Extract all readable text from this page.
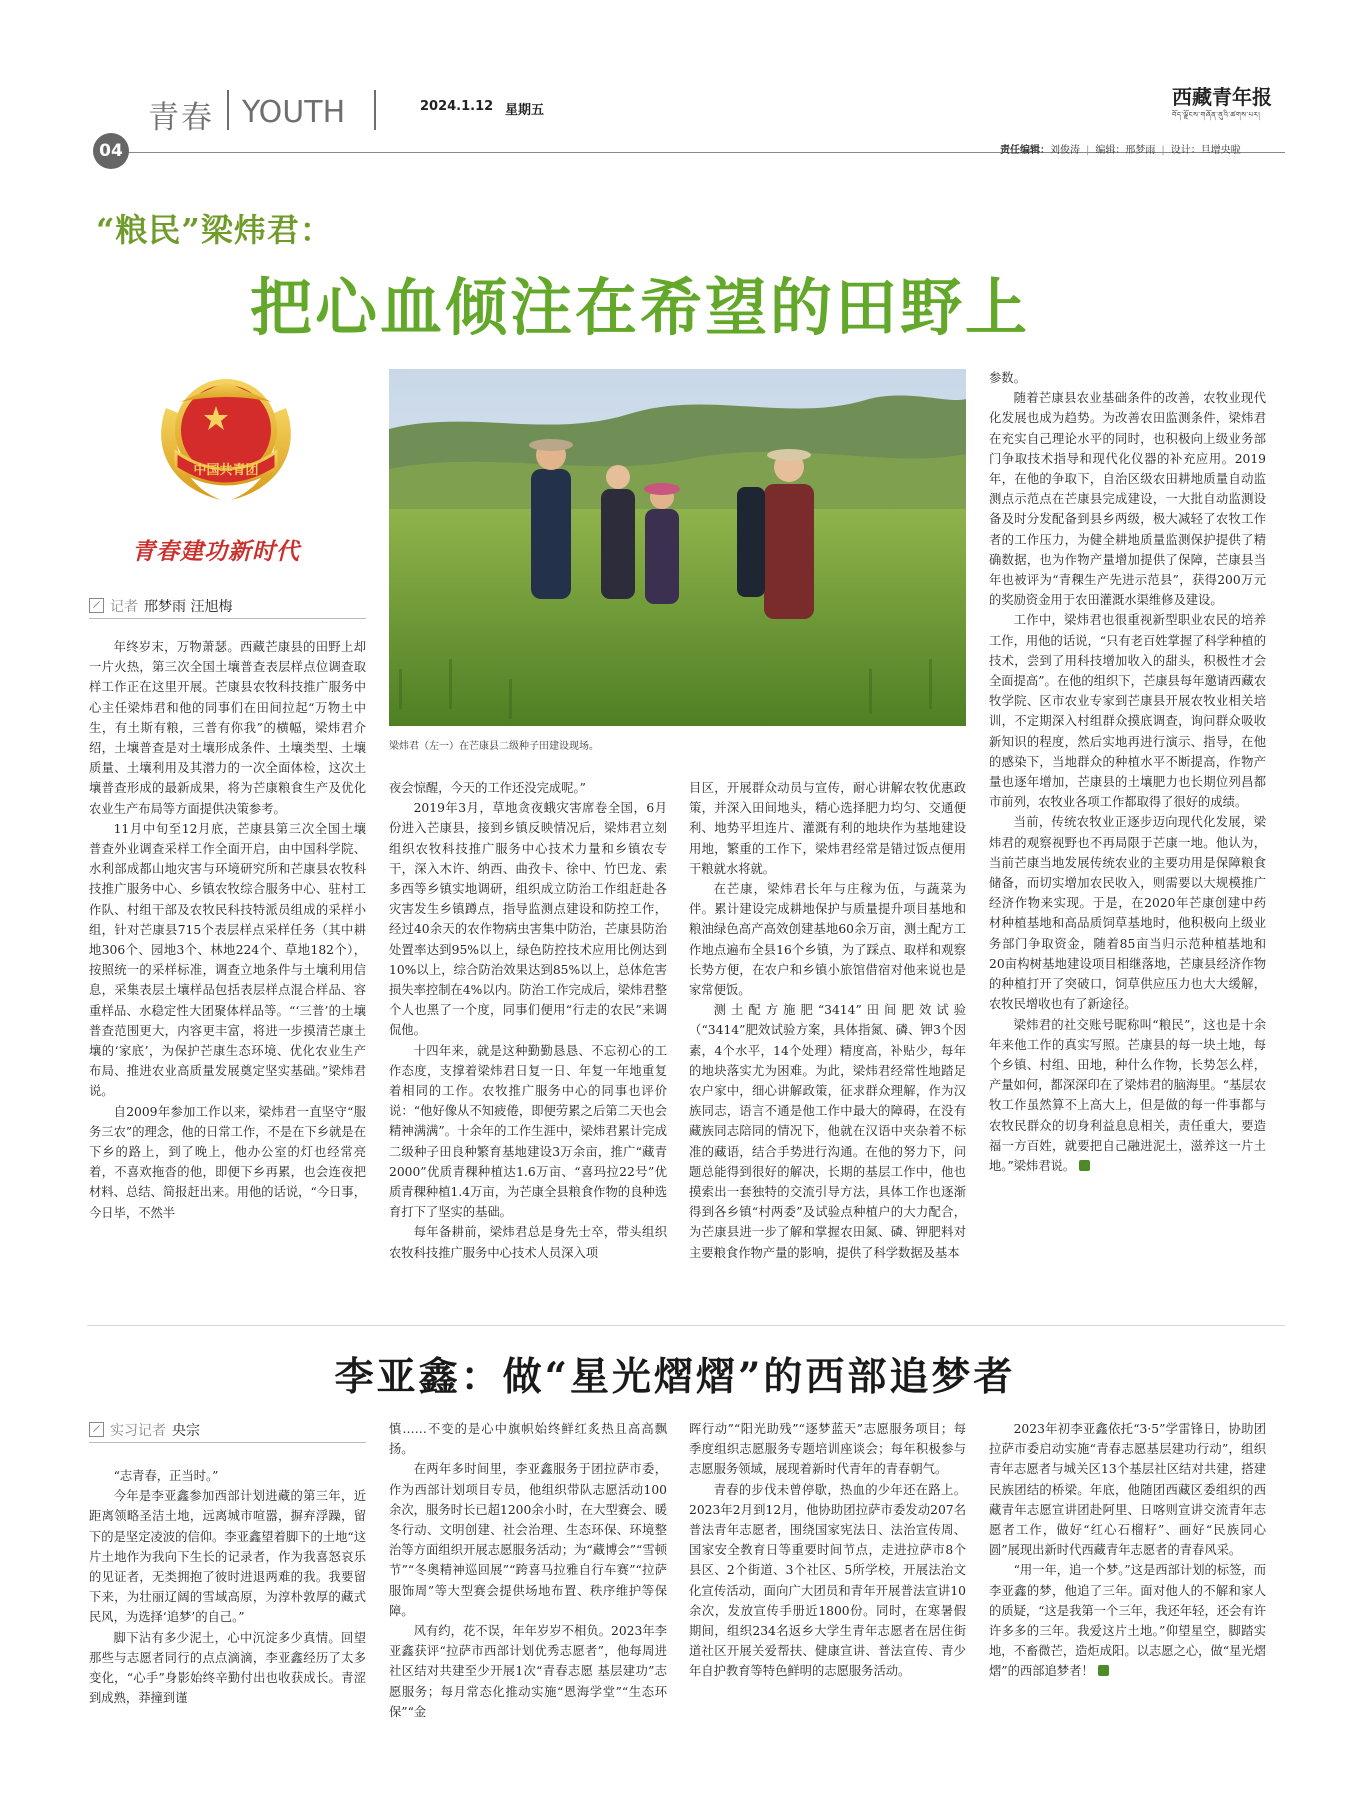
青春 YOUTH
04
2024.1.12 星期五
西藏青年报
བོད་ལྗོངས་གཞོན་ནུའི་ཚགས་པར།
责任编辑：刘俊涛 | 编辑：邢梦雨 | 设计：旦增央啦
“粮民”梁炜君：
把心血倾注在希望的田野上
中国共青团
青春建功新时代
记者 邢梦雨 汪旭梅
梁炜君（左一）在芒康县二级种子田建设现场。

年终岁末，万物萧瑟。西藏芒康县的田野上却一片火热，第三次全国土壤普查表层样点位调查取样工作正在这里开展。芒康县农牧科技推广服务中心主任梁炜君和他的同事们在田间拉起“万物土中生，有土斯有粮，三普有你我”的横幅，梁炜君介绍，土壤普查是对土壤形成条件、土壤类型、土壤质量、土壤利用及其潜力的一次全面体检，这次土壤普查形成的最新成果，将为芒康粮食生产及优化农业生产布局等方面提供决策参考。

11月中旬至12月底，芒康县第三次全国土壤普查外业调查采样工作全面开启，由中国科学院、水利部成都山地灾害与环境研究所和芒康县农牧科技推广服务中心、乡镇农牧综合服务中心、驻村工作队、村组干部及农牧民科技特派员组成的采样小组，针对芒康县715个表层样点采样任务（其中耕地306个、园地3个、林地224个、草地182个），按照统一的采样标准，调查立地条件与土壤利用信息，采集表层土壤样品包括表层样点混合样品、容重样品、水稳定性大团聚体样品等。“‘三普’的土壤普查范围更大，内容更丰富，将进一步摸清芒康土壤的‘家底’，为保护芒康生态环境、优化农业生产布局、推进农业高质量发展奠定坚实基础。”梁炜君说。

自2009年参加工作以来，梁炜君一直坚守“服务三农”的理念，他的日常工作，不是在下乡就是在下乡的路上，到了晚上，他办公室的灯也经常亮着，不喜欢拖沓的他，即便下乡再累，也会连夜把材料、总结、简报赶出来。用他的话说，“今日事，今日毕，不然半

夜会惊醒，今天的工作还没完成呢。”

2019年3月，草地贪夜蛾灾害席卷全国，6月份进入芒康县，接到乡镇反映情况后，梁炜君立刻组织农牧科技推广服务中心技术力量和乡镇农专干，深入木许、纳西、曲孜卡、徐中、竹巴龙、索多西等乡镇实地调研，组织成立防治工作组赶赴各灾害发生乡镇蹲点，指导监测点建设和防控工作，经过40余天的农作物病虫害集中防治，芒康县防治处置率达到95%以上，绿色防控技术应用比例达到10%以上，综合防治效果达到85%以上，总体危害损失率控制在4%以内。防治工作完成后，梁炜君整个人也黑了一个度，同事们便用“行走的农民”来调侃他。

十四年来，就是这种勤勤恳恳、不忘初心的工作态度，支撑着梁炜君日复一日、年复一年地重复着相同的工作。农牧推广服务中心的同事也评价说：“他好像从不知疲倦，即便劳累之后第二天也会精神满满”。十余年的工作生涯中，梁炜君累计完成二级种子田良种繁育基地建设3万余亩，推广“藏青2000”优质青稞种植达1.6万亩、“喜玛拉22号”优质青稞种植1.4万亩，为芒康全县粮食作物的良种选育打下了坚实的基础。

每年备耕前，梁炜君总是身先士卒，带头组织农牧科技推广服务中心技术人员深入项

目区，开展群众动员与宣传，耐心讲解农牧优惠政策，并深入田间地头，精心选择肥力均匀、交通便利、地势平坦连片、灌溉有利的地块作为基地建设用地，繁重的工作下，梁炜君经常是错过饭点便用干粮就水将就。

在芒康，梁炜君长年与庄稼为伍，与蔬菜为伴。累计建设完成耕地保护与质量提升项目基地和粮油绿色高产高效创建基地60余万亩，测土配方工作地点遍布全县16个乡镇，为了踩点、取样和观察长势方便，在农户和乡镇小旅馆借宿对他来说也是家常便饭。

测土配方施肥“3414”田间肥效试验（“3414”肥效试验方案，具体指氮、磷、钾3个因素，4个水平，14个处理）精度高，补贴少，每年的地块落实尤为困难。为此，梁炜君经常性地踏足农户家中，细心讲解政策，征求群众理解，作为汉族同志，语言不通是他工作中最大的障碍，在没有藏族同志陪同的情况下，他就在汉语中夹杂着不标准的藏语，结合手势进行沟通。在他的努力下，问题总能得到很好的解决，长期的基层工作中，他也摸索出一套独特的交流引导方法，具体工作也逐渐得到各乡镇“村两委”及试验点种植户的大力配合，为芒康县进一步了解和掌握农田氮、磷、钾肥料对主要粮食作物产量的影响，提供了科学数据及基本

参数。

随着芒康县农业基础条件的改善，农牧业现代化发展也成为趋势。为改善农田监测条件，梁炜君在充实自己理论水平的同时，也积极向上级业务部门争取技术指导和现代化仪器的补充应用。2019年，在他的争取下，自治区级农田耕地质量自动监测点示范点在芒康县完成建设，一大批自动监测设备及时分发配备到县乡两级，极大减轻了农牧工作者的工作压力，为健全耕地质量监测保护提供了精确数据，也为作物产量增加提供了保障，芒康县当年也被评为“青稞生产先进示范县”，获得200万元的奖励资金用于农田灌溉水渠维修及建设。

工作中，梁炜君也很重视新型职业农民的培养工作，用他的话说，“只有老百姓掌握了科学种植的技术，尝到了用科技增加收入的甜头，积极性才会全面提高”。在他的组织下，芒康县每年邀请西藏农牧学院、区市农业专家到芒康县开展农牧业相关培训，不定期深入村组群众摸底调查，询问群众吸收新知识的程度，然后实地再进行演示、指导，在他的感染下，当地群众的种植水平不断提高，作物产量也逐年增加，芒康县的土壤肥力也长期位列昌都市前列，农牧业各项工作都取得了很好的成绩。

当前，传统农牧业正逐步迈向现代化发展，梁炜君的观察视野也不再局限于芒康一地。他认为，当前芒康当地发展传统农业的主要功用是保障粮食储备，而切实增加农民收入，则需要以大规模推广经济作物来实现。于是，在2020年芒康创建中药材种植基地和高品质饲草基地时，他积极向上级业务部门争取资金，随着85亩当归示范种植基地和20亩构树基地建设项目相继落地，芒康县经济作物的种植打开了突破口，饲草供应压力也大大缓解，农牧民增收也有了新途径。

梁炜君的社交账号昵称叫“粮民”，这也是十余年来他工作的真实写照。芒康县的每一块土地，每个乡镇、村组、田地，种什么作物，长势怎么样，产量如何，都深深印在了梁炜君的脑海里。“基层农牧工作虽然算不上高大上，但是做的每一件事都与农牧民群众的切身利益息息相关，责任重大，要造福一方百姓，就要把自己融进泥土，滋养这一片土地。”梁炜君说。

李亚鑫：做“星光熠熠”的西部追梦者
实习记者 央宗

“志青春，正当时。”

今年是李亚鑫参加西部计划进藏的第三年，近距离领略圣洁土地，远离城市喧嚣，摒弃浮躁，留下的是坚定凌波的信仰。李亚鑫望着脚下的土地“这片土地作为我向下生长的记录者，作为我喜怒哀乐的见证者，无类拥抱了彼时进退两难的我。我要留下来，为壮丽辽阔的雪域高原，为淳朴敦厚的藏式民风，为选择‘追梦’的自己。”

脚下沾有多少泥土，心中沉淀多少真情。回望那些与志愿者同行的点点滴滴，李亚鑫经历了太多变化，“心手”身影始终辛勤付出也收获成长。青涩到成熟，莽撞到谨

慎……不变的是心中旗帜始终鲜红炙热且高高飘扬。

在两年多时间里，李亚鑫服务于团拉萨市委，作为西部计划项目专员，他组织带队志愿活动100余次，服务时长已超1200余小时，在大型赛会、暖冬行动、文明创建、社会治理、生态环保、环境整治等方面组织开展志愿服务活动；为“藏博会”“雪顿节”“冬奥精神巡回展”“跨喜马拉雅自行车赛”“拉萨服饰周”等大型赛会提供场地布置、秩序维护等保障。

风有约，花不误，年年岁岁不相负。2023年李亚鑫获评“拉萨市西部计划优秀志愿者”，他每周进社区结对共建至少开展1次“青春志愿 基层建功”志愿服务；每月常态化推动实施“恩海学堂”“生态环保”“金

晖行动”“阳光助残”“逐梦蓝天”志愿服务项目；每季度组织志愿服务专题培训座谈会；每年积极参与志愿服务领域，展现着新时代青年的青春朝气。

青春的步伐未曾停歇，热血的少年还在路上。2023年2月到12月，他协助团拉萨市委发动207名普法青年志愿者，围绕国家宪法日、法治宣传周、国家安全教育日等重要时间节点，走进拉萨市8个县区、2个街道、3个社区、5所学校，开展法治文化宣传活动，面向广大团员和青年开展普法宣讲10余次，发放宣传手册近1800份。同时，在寒暑假期间，组织234名返乡大学生青年志愿者在居住街道社区开展关爱帮扶、健康宣讲、普法宣传、青少年自护教育等特色鲜明的志愿服务活动。

2023年初李亚鑫依托“3·5”学雷锋日，协助团拉萨市委启动实施“青春志愿基层建功行动”，组织青年志愿者与城关区13个基层社区结对共建，搭建民族团结的桥梁。年底，他随团西藏区委组织的西藏青年志愿宣讲团赴阿里、日喀则宣讲交流青年志愿者工作，做好“红心石榴籽”、画好“民族同心圆”展现出新时代西藏青年志愿者的青春风采。

“用一年，追一个梦。”这是西部计划的标签，而李亚鑫的梦，他追了三年。面对他人的不解和家人的质疑，“这是我第一个三年，我还年轻，还会有许许多多的三年。我爱这片土地。”仰望星空，脚踏实地，不畜微芒，造炬成阳。以志愿之心，做“星光熠熠”的西部追梦者！
